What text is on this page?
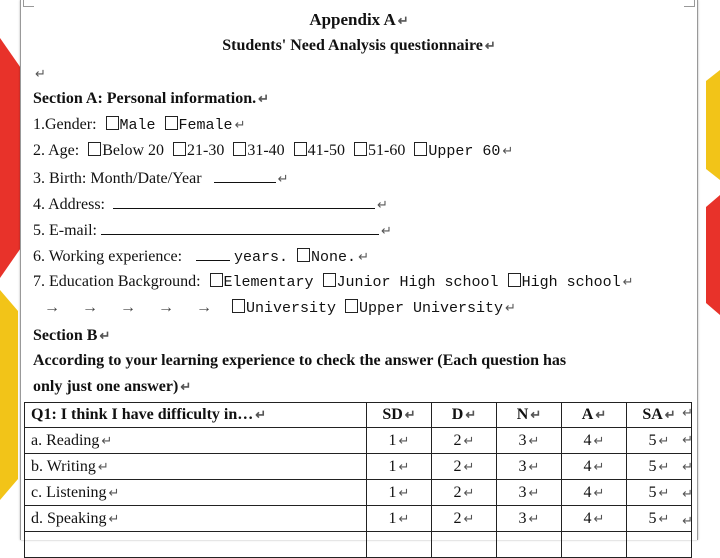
Appendix A ↵
Students' Need Analysis questionnaire ↵
↵
Section A: Personal information. ↵
1.Gender: Male Female ↵
2. Age: Below 20 21-30 31-40 41-50 51-60 Upper 60 ↵
3. Birth: Month/Date/Year	↵
4. Address:	↵
5. E-mail:	↵
6. Working experience:	years. None. ↵
7. Education Background: Elementary Junior High school High school ↵
→ → → → → University Upper University ↵
Section B ↵
According to your learning experience to check the answer (Each question has
only just one answer) ↵
Q1: I think I have difficulty in… ↵	SD ↵	D ↵	N ↵	A ↵	SA ↵
a. Reading ↵	1 ↵	2 ↵	3 ↵	4 ↵	5 ↵
b. Writing ↵	1 ↵	2 ↵	3 ↵	4 ↵	5 ↵
c. Listening ↵	1 ↵	2 ↵	3 ↵	4 ↵	5 ↵
d. Speaking ↵	1 ↵	2 ↵	3 ↵	4 ↵	5 ↵

↵
↵
↵
↵
↵
